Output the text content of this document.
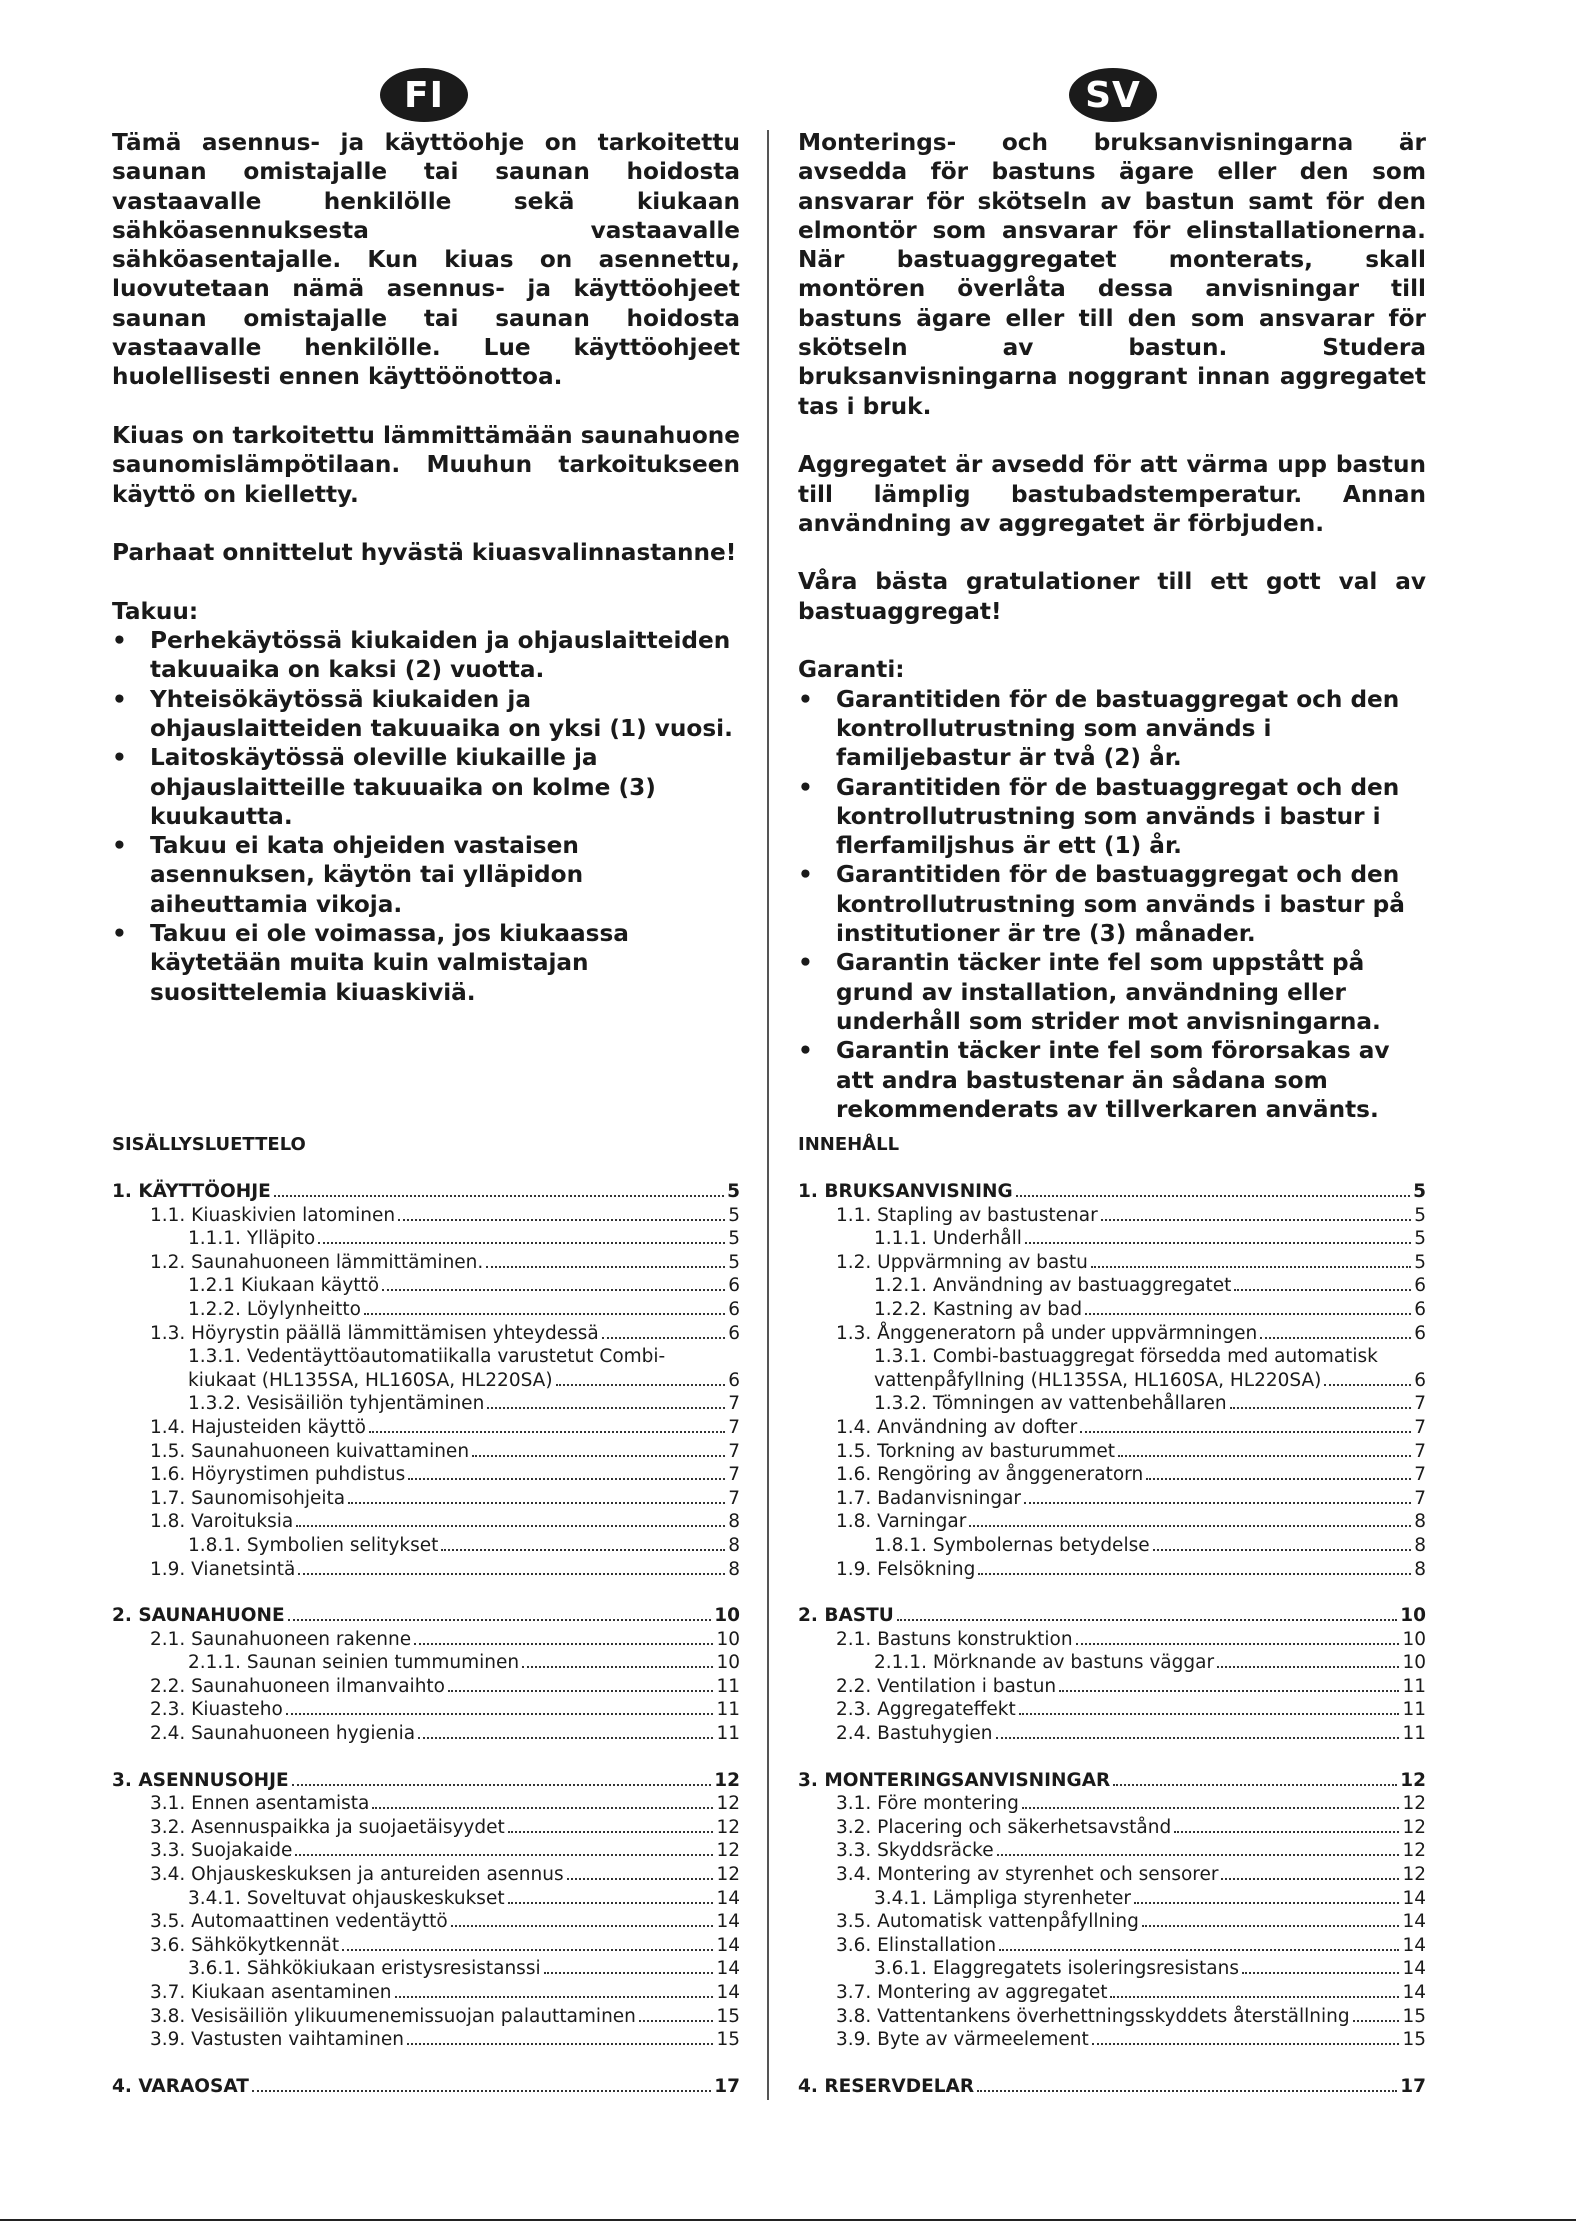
FI

Tämä asennus- ja käyttöohje on tarkoitettu saunan omistajalle tai saunan hoidosta vastaavalle henkilölle sekä kiukaan sähköasennuksesta vastaavalle sähköasentajalle. Kun kiuas on asennettu, luovutetaan nämä asennus- ja käyttöohjeet saunan omistajalle tai saunan hoidosta vastaavalle henkilölle. Lue käyttöohjeet huolellisesti ennen käyttöönottoa.

Kiuas on tarkoitettu lämmittämään saunahuone saunomislämpötilaan. Muuhun tarkoitukseen käyttö on kielletty.

Parhaat onnittelut hyvästä kiuasvalinnastanne!

Takuu:

• Perhekäytössä kiukaiden ja ohjauslaitteiden takuuaika on kaksi (2) vuotta.
• Yhteisökäytössä kiukaiden ja ohjauslaitteiden takuuaika on yksi (1) vuosi.
• Laitoskäytössä oleville kiukaille ja ohjauslaitteille takuuaika on kolme (3) kuukautta.
• Takuu ei kata ohjeiden vastaisen asennuksen, käytön tai ylläpidon aiheuttamia vikoja.
• Takuu ei ole voimassa, jos kiukaassa käytetään muita kuin valmistajan suosittelemia kiuaskiviä.
SISÄLLYSLUETTELO
1. KÄYTTÖOHJE	5
1.1. Kiuaskivien latominen	5
1.1.1. Ylläpito	5
1.2. Saunahuoneen lämmittäminen.	5
1.2.1 Kiukaan käyttö	6
1.2.2. Löylynheitto	6
1.3. Höyrystin päällä lämmittämisen yhteydessä	6
1.3.1. Vedentäyttöautomatiikalla varustetut Combi-
kiukaat (HL135SA, HL160SA, HL220SA)	6
1.3.2. Vesisäiliön tyhjentäminen	7
1.4. Hajusteiden käyttö	7
1.5. Saunahuoneen kuivattaminen	7
1.6. Höyrystimen puhdistus	7
1.7. Saunomisohjeita	7
1.8. Varoituksia	8
1.8.1. Symbolien selitykset	8
1.9. Vianetsintä	8
2. SAUNAHUONE	10
2.1. Saunahuoneen rakenne	10
2.1.1. Saunan seinien tummuminen	10
2.2. Saunahuoneen ilmanvaihto	11
2.3. Kiuasteho	11
2.4. Saunahuoneen hygienia	11
3. ASENNUSOHJE	12
3.1. Ennen asentamista	12
3.2. Asennuspaikka ja suojaetäisyydet	12
3.3. Suojakaide	12
3.4. Ohjauskeskuksen ja antureiden asennus	12
3.4.1. Soveltuvat ohjauskeskukset	14
3.5. Automaattinen vedentäyttö	14
3.6. Sähkökytkennät	14
3.6.1. Sähkökiukaan eristysresistanssi	14
3.7. Kiukaan asentaminen	14
3.8. Vesisäiliön ylikuumenemissuojan palauttaminen	15
3.9. Vastusten vaihtaminen	15
4. VARAOSAT	17
SV

Monterings- och bruksanvisningarna är avsedda för bastuns ägare eller den som ansvarar för skötseln av bastun samt för den elmontör som ansvarar för elinstallationerna. När bastuaggregatet monterats, skall montören överlåta dessa anvisningar till bastuns ägare eller till den som ansvarar för skötseln av bastun. Studera bruksanvisningarna noggrant innan aggregatet tas i bruk.

Aggregatet är avsedd för att värma upp bastun till lämplig bastubadstemperatur. Annan användning av aggregatet är förbjuden.

Våra bästa gratulationer till ett gott val av bastuaggregat!

Garanti:

• Garantitiden för de bastuaggregat och den kontrollutrustning som används i familjebastur är två (2) år.
• Garantitiden för de bastuaggregat och den kontrollutrustning som används i bastur i flerfamiljshus är ett (1) år.
• Garantitiden för de bastuaggregat och den kontrollutrustning som används i bastur på institutioner är tre (3) månader.
• Garantin täcker inte fel som uppstått på grund av installation, användning eller underhåll som strider mot anvisningarna.
• Garantin täcker inte fel som förorsakas av att andra bastustenar än sådana som rekommenderats av tillverkaren använts.
INNEHÅLL
1. BRUKSANVISNING	5
1.1. Stapling av bastustenar	5
1.1.1. Underhåll	5
1.2. Uppvärmning av bastu	5
1.2.1. Användning av bastuaggregatet	6
1.2.2. Kastning av bad	6
1.3. Ånggeneratorn på under uppvärmningen	6
1.3.1. Combi-bastuaggregat försedda med automatisk
vattenpåfyllning (HL135SA, HL160SA, HL220SA)	6
1.3.2. Tömningen av vattenbehållaren	7
1.4. Användning av dofter	7
1.5. Torkning av basturummet	7
1.6. Rengöring av ånggeneratorn	7
1.7. Badanvisningar	7
1.8. Varningar	8
1.8.1. Symbolernas betydelse	8
1.9. Felsökning	8
2. BASTU	10
2.1. Bastuns konstruktion	10
2.1.1. Mörknande av bastuns väggar	10
2.2. Ventilation i bastun	11
2.3. Aggregateffekt	11
2.4. Bastuhygien	11
3. MONTERINGSANVISNINGAR	12
3.1. Före montering	12
3.2. Placering och säkerhetsavstånd	12
3.3. Skyddsräcke	12
3.4. Montering av styrenhet och sensorer	12
3.4.1. Lämpliga styrenheter	14
3.5. Automatisk vattenpåfyllning	14
3.6. Elinstallation	14
3.6.1. Elaggregatets isoleringsresistans	14
3.7. Montering av aggregatet	14
3.8. Vattentankens överhettningsskyddets återställning	15
3.9. Byte av värmeelement	15
4. RESERVDELAR	17
